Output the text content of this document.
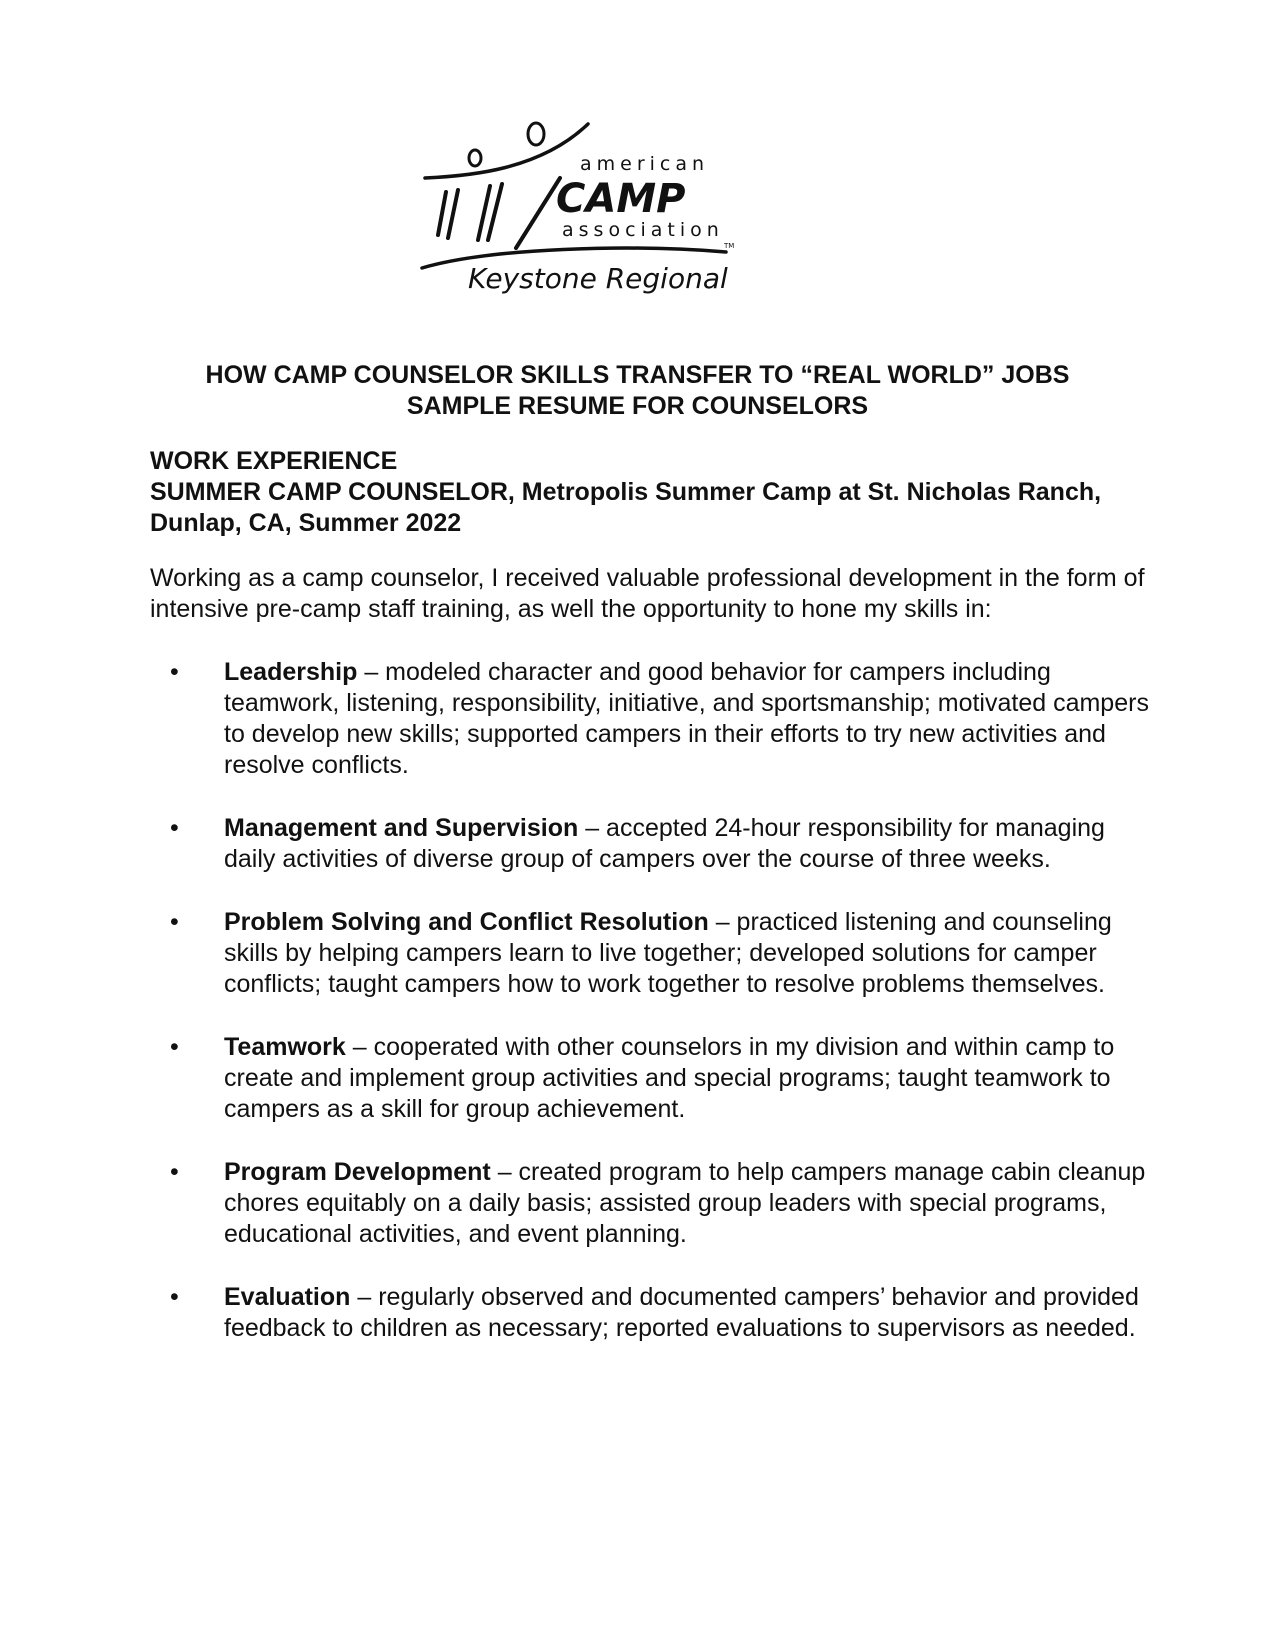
american
CAMP
association
TM
Keystone Regional
HOW CAMP COUNSELOR SKILLS TRANSFER TO “REAL WORLD” JOBS
SAMPLE RESUME FOR COUNSELORS

WORK EXPERIENCE

SUMMER CAMP COUNSELOR, Metropolis Summer Camp at St. Nicholas Ranch, Dunlap, CA, Summer 2022

Working as a camp counselor, I received valuable professional development in the form of intensive pre-camp staff training, as well the opportunity to hone my skills in:

• Leadership – modeled character and good behavior for campers including teamwork, listening, responsibility, initiative, and sportsmanship; motivated campers to develop new skills; supported campers in their efforts to try new activities and resolve conflicts.
• Management and Supervision – accepted 24-hour responsibility for managing daily activities of diverse group of campers over the course of three weeks.
• Problem Solving and Conflict Resolution – practiced listening and counseling skills by helping campers learn to live together; developed solutions for camper conflicts; taught campers how to work together to resolve problems themselves.
• Teamwork – cooperated with other counselors in my division and within camp to create and implement group activities and special programs; taught teamwork to campers as a skill for group achievement.
• Program Development – created program to help campers manage cabin cleanup chores equitably on a daily basis; assisted group leaders with special programs, educational activities, and event planning.
• Evaluation – regularly observed and documented campers’ behavior and provided feedback to children as necessary; reported evaluations to supervisors as needed.
